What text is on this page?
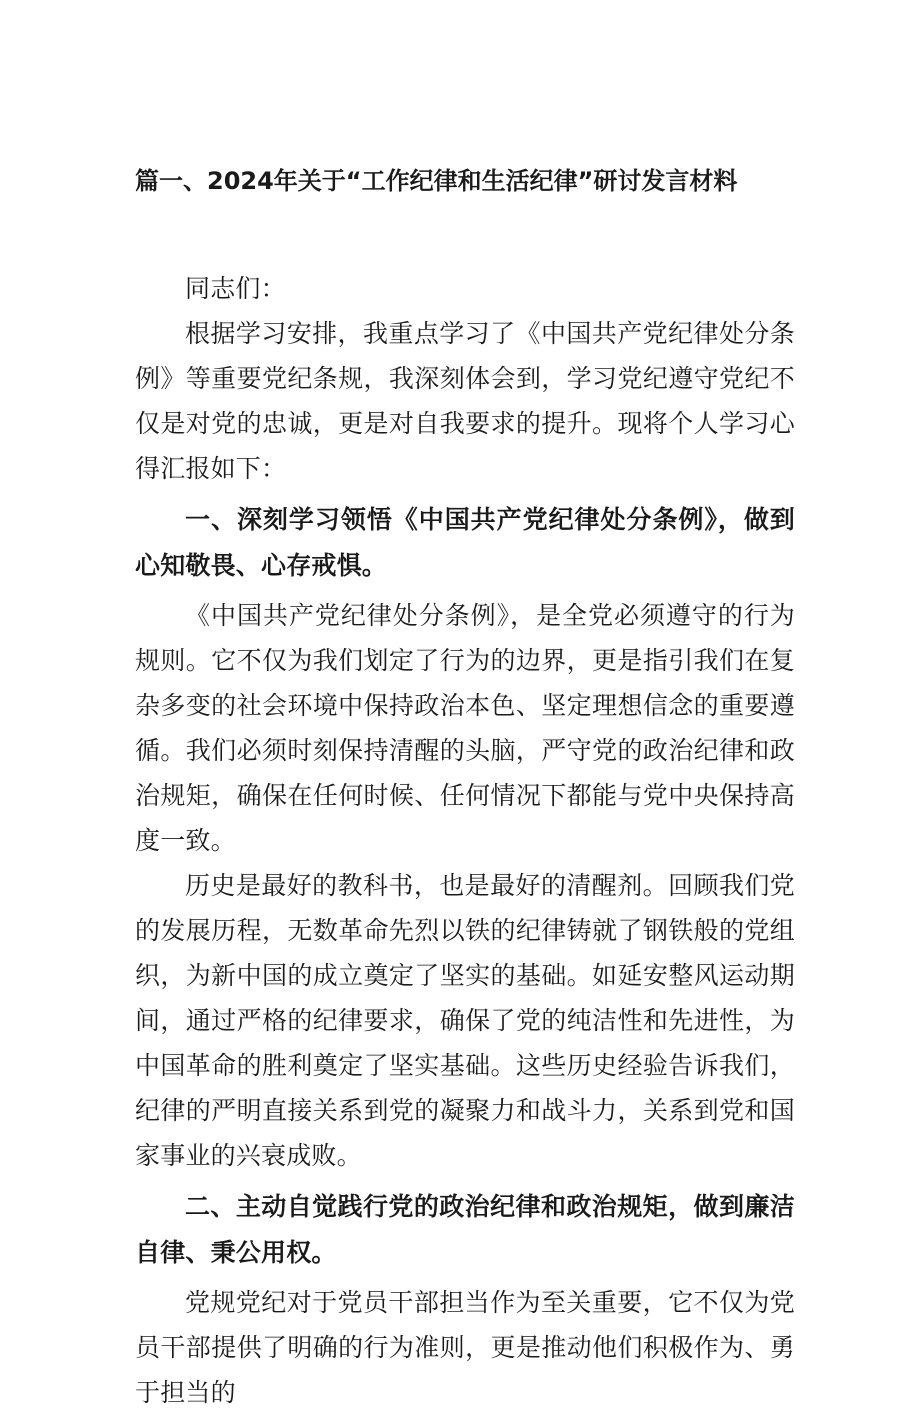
篇一、2024年关于“工作纪律和生活纪律”研讨发言材料

同志们：

根据学习安排，我重点学习了《中国共产党纪律处分条例》等重要党纪条规，我深刻体会到，学习党纪遵守党纪不仅是对党的忠诚，更是对自我要求的提升。现将个人学习心得汇报如下：

一、深刻学习领悟《中国共产党纪律处分条例》，做到心知敬畏、心存戒惧。

《中国共产党纪律处分条例》，是全党必须遵守的行为规则。它不仅为我们划定了行为的边界，更是指引我们在复杂多变的社会环境中保持政治本色、坚定理想信念的重要遵循。我们必须时刻保持清醒的头脑，严守党的政治纪律和政治规矩，确保在任何时候、任何情况下都能与党中央保持高度一致。

历史是最好的教科书，也是最好的清醒剂。回顾我们党的发展历程，无数革命先烈以铁的纪律铸就了钢铁般的党组织，为新中国的成立奠定了坚实的基础。如延安整风运动期间，通过严格的纪律要求，确保了党的纯洁性和先进性，为中国革命的胜利奠定了坚实基础。这些历史经验告诉我们，纪律的严明直接关系到党的凝聚力和战斗力，关系到党和国家事业的兴衰成败。

二、主动自觉践行党的政治纪律和政治规矩，做到廉洁自律、秉公用权。

党规党纪对于党员干部担当作为至关重要，它不仅为党员干部提供了明确的行为准则，更是推动他们积极作为、勇于担当的
